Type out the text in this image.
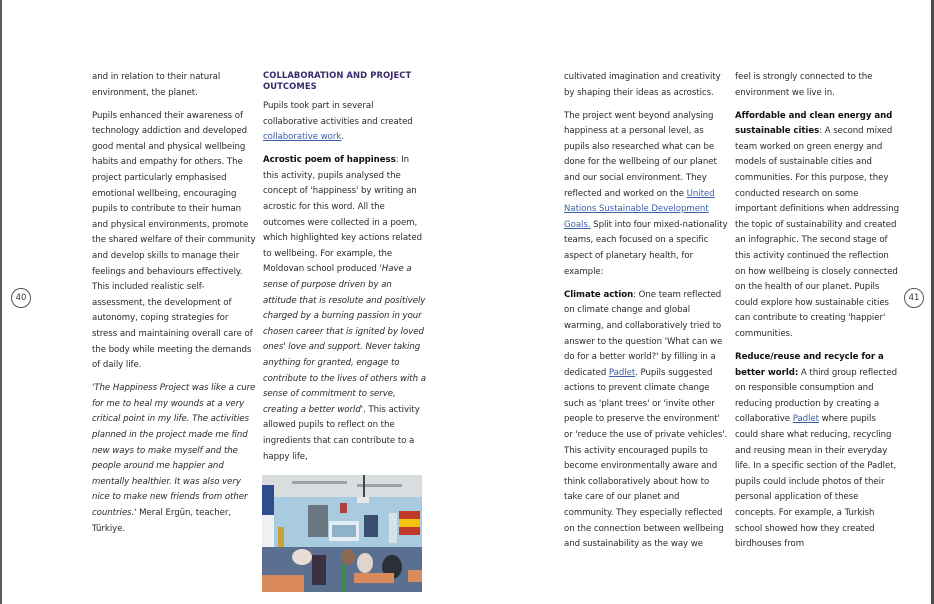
40	41

and in relation to their natural environment, the planet.

Pupils enhanced their awareness of technology addiction and developed good mental and physical wellbeing habits and empathy for others. The project particularly emphasised emotional wellbeing, encouraging pupils to contribute to their human and physical environments, promote the shared welfare of their community and develop skills to manage their feelings and behaviours effectively. This included realistic self-assessment, the development of autonomy, coping strategies for stress and maintaining overall care of the body while meeting the demands of daily life.

'The Happiness Project was like a cure for me to heal my wounds at a very critical point in my life. The activities planned in the project made me find new ways to make myself and the people around me happier and mentally healthier. It was also very nice to make new friends from other countries.' Meral Ergün, teacher, Türkiye.

COLLABORATION AND PROJECT OUTCOMES

Pupils took part in several collaborative activities and created collaborative work.

Acrostic poem of happiness: In this activity, pupils analysed the concept of 'happiness' by writing an acrostic for this word. All the outcomes were collected in a poem, which highlighted key actions related to wellbeing. For example, the Moldovan school produced 'Have a sense of purpose driven by an attitude that is resolute and positively charged by a burning passion in your chosen career that is ignited by loved ones' love and support. Never taking anything for granted, engage to contribute to the lives of others with a sense of commitment to serve, creating a better world'. This activity allowed pupils to reflect on the ingredients that can contribute to a happy life,

cultivated imagination and creativity by shaping their ideas as acrostics.

The project went beyond analysing happiness at a personal level, as pupils also researched what can be done for the wellbeing of our planet and our social environment. They reflected and worked on the United Nations Sustainable Development Goals. Split into four mixed-nationality teams, each focused on a specific aspect of planetary health, for example:

Climate action: One team reflected on climate change and global warming, and collaboratively tried to answer to the question 'What can we do for a better world?' by filling in a dedicated Padlet. Pupils suggested actions to prevent climate change such as 'plant trees' or 'invite other people to preserve the environment' or 'reduce the use of private vehicles'. This activity encouraged pupils to become environmentally aware and think collaboratively about how to take care of our planet and community. They especially reflected on the connection between wellbeing and sustainability as the way we

feel is strongly connected to the environment we live in.

Affordable and clean energy and sustainable cities: A second mixed team worked on green energy and models of sustainable cities and communities. For this purpose, they conducted research on some important definitions when addressing the topic of sustainability and created an infographic. The second stage of this activity continued the reflection on how wellbeing is closely connected on the health of our planet. Pupils could explore how sustainable cities can contribute to creating 'happier' communities.

Reduce/reuse and recycle for a better world: A third group reflected on responsible consumption and reducing production by creating a collaborative Padlet where pupils could share what reducing, recycling and reusing mean in their everyday life. In a specific section of the Padlet, pupils could include photos of their personal application of these concepts. For example, a Turkish school showed how they created birdhouses from
